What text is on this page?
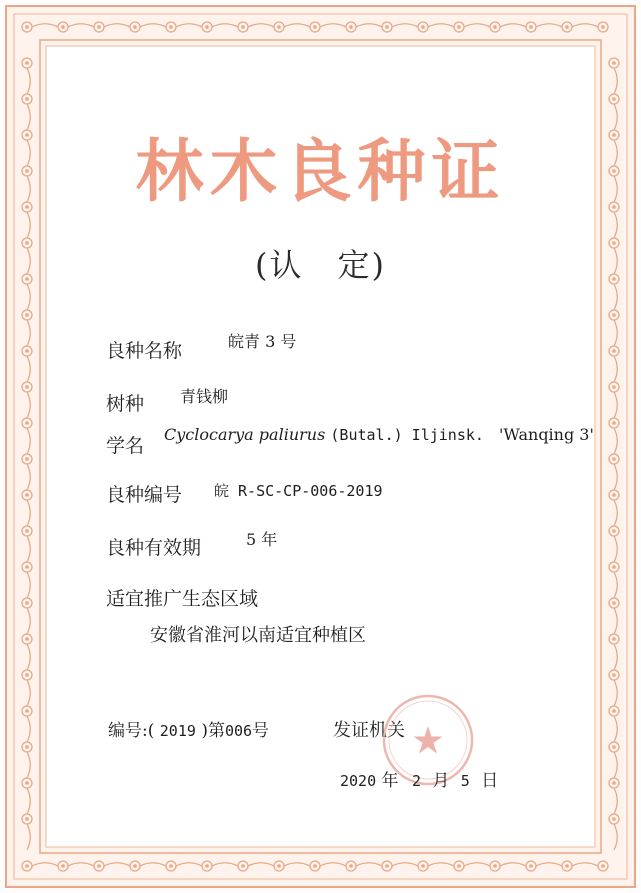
林木良种证
(认　定)
良种名称	皖青 3 号
树种 青钱柳
学名
Cyclocarya paliurus (Butal.) Iljinsk. 'Wanqing 3'
良种编号 皖 R-SC-CP-006-2019
良种有效期	5 年
适宜推广生态区域
安徽省淮河以南适宜种植区
编号:( 2019 )第006号	发证机关
2020 年 2 月 5 日
